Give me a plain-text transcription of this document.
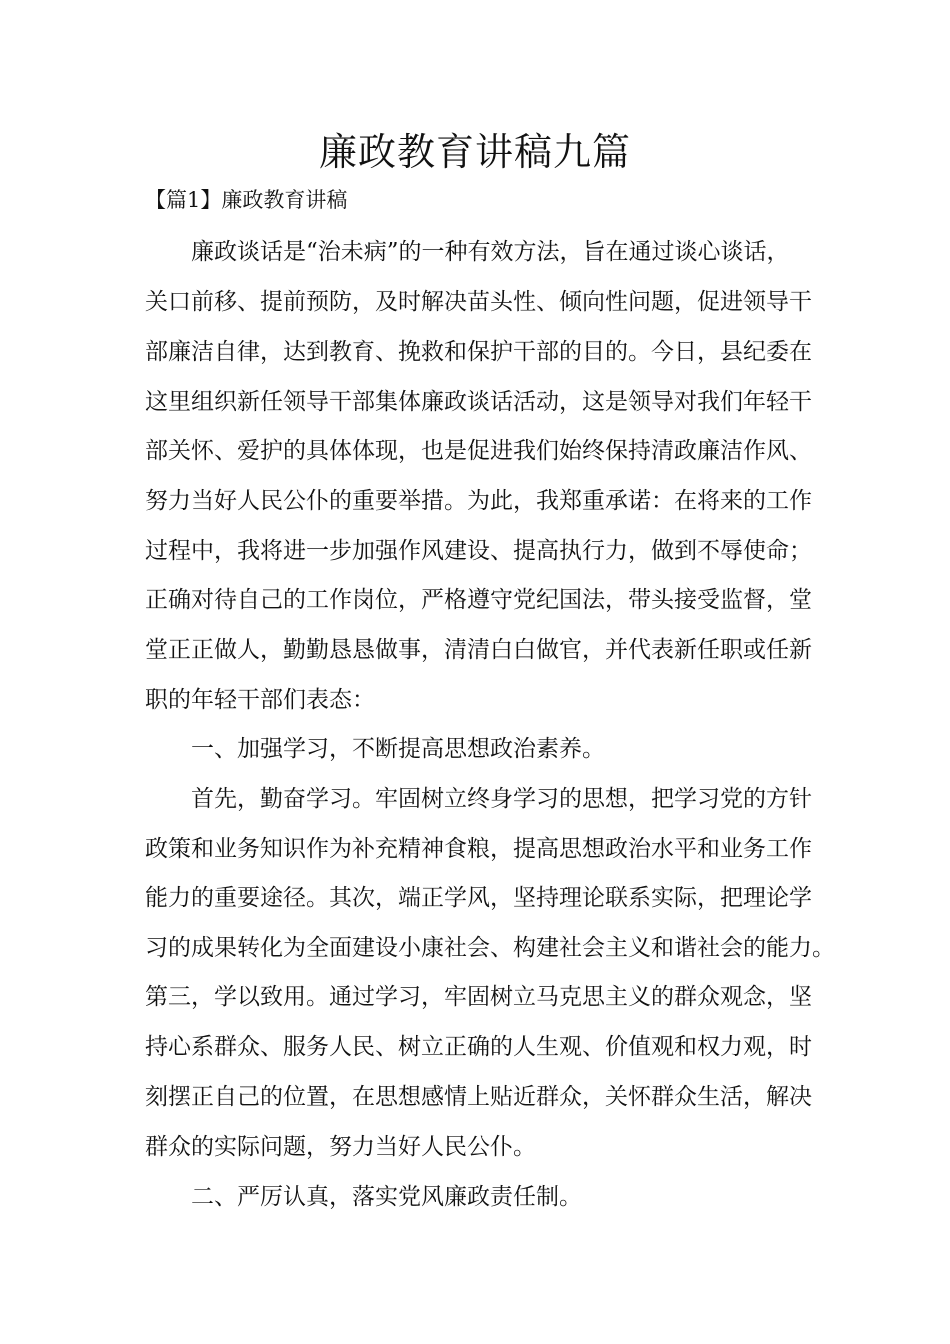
廉政教育讲稿九篇

【篇1】廉政教育讲稿

　　廉政谈话是“治未病”的一种有效方法，旨在通过谈心谈话，

关口前移、提前预防，及时解决苗头性、倾向性问题，促进领导干

部廉洁自律，达到教育、挽救和保护干部的目的。今日，县纪委在

这里组织新任领导干部集体廉政谈话活动，这是领导对我们年轻干

部关怀、爱护的具体体现，也是促进我们始终保持清政廉洁作风、

努力当好人民公仆的重要举措。为此，我郑重承诺：在将来的工作

过程中，我将进一步加强作风建设、提高执行力，做到不辱使命；

正确对待自己的工作岗位，严格遵守党纪国法，带头接受监督，堂

堂正正做人，勤勤恳恳做事，清清白白做官，并代表新任职或任新

职的年轻干部们表态：

　　一、加强学习，不断提高思想政治素养。

　　首先，勤奋学习。牢固树立终身学习的思想，把学习党的方针

政策和业务知识作为补充精神食粮，提高思想政治水平和业务工作

能力的重要途径。其次，端正学风，坚持理论联系实际，把理论学

习的成果转化为全面建设小康社会、构建社会主义和谐社会的能力。

第三，学以致用。通过学习，牢固树立马克思主义的群众观念，坚

持心系群众、服务人民、树立正确的人生观、价值观和权力观，时

刻摆正自己的位置，在思想感情上贴近群众，关怀群众生活，解决

群众的实际问题，努力当好人民公仆。

　　二、严厉认真，落实党风廉政责任制。
